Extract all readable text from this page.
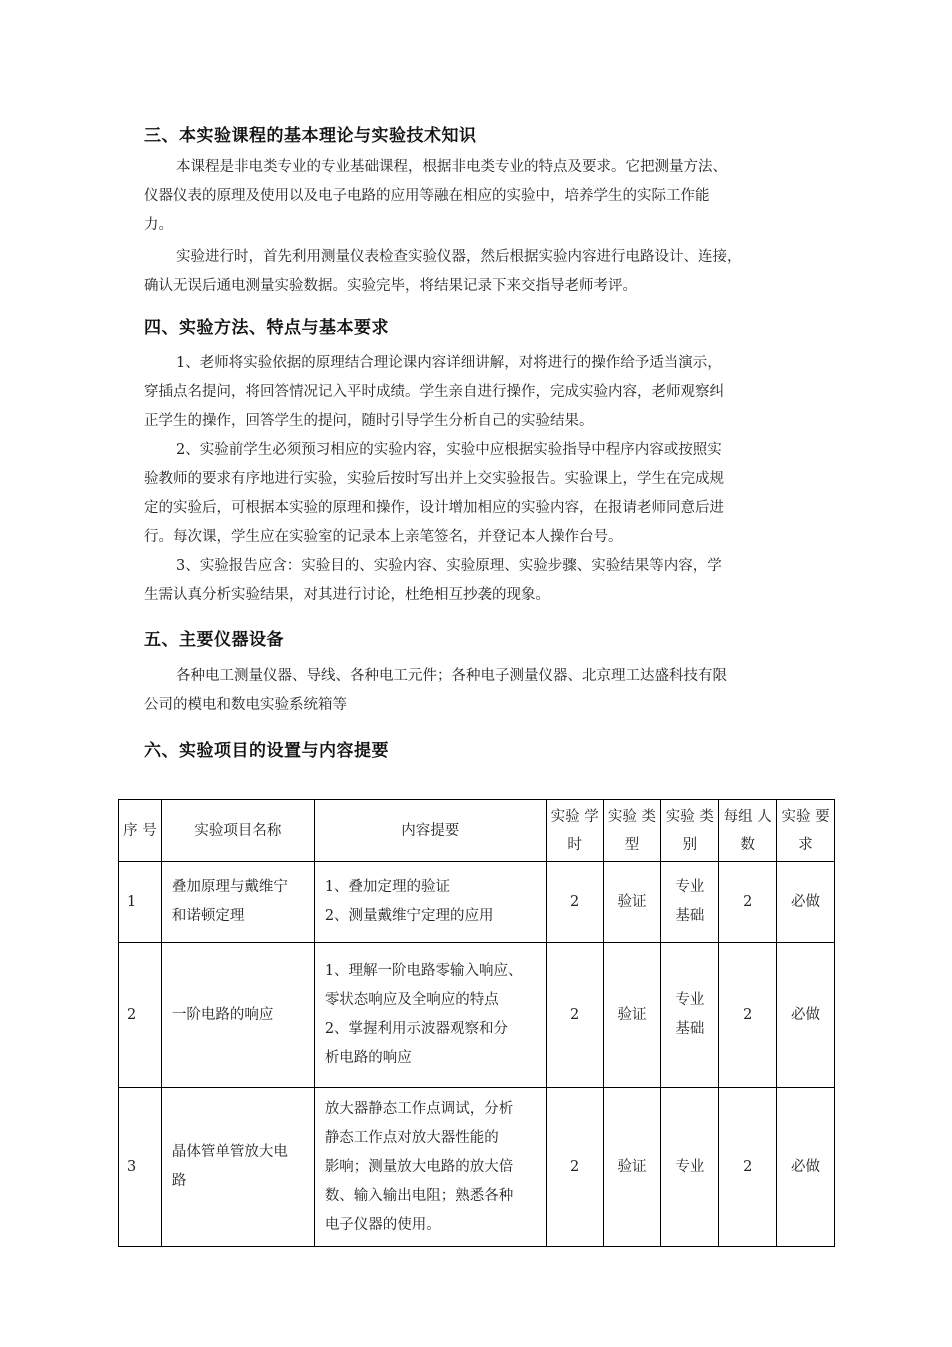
三、本实验课程的基本理论与实验技术知识
本课程是非电类专业的专业基础课程，根据非电类专业的特点及要求。它把测量方法、
仪器仪表的原理及使用以及电子电路的应用等融在相应的实验中，培养学生的实际工作能
力。
实验进行时，首先利用测量仪表检查实验仪器，然后根据实验内容进行电路设计、连接，
确认无误后通电测量实验数据。实验完毕，将结果记录下来交指导老师考评。
四、实验方法、特点与基本要求
1、老师将实验依据的原理结合理论课内容详细讲解，对将进行的操作给予适当演示，
穿插点名提问，将回答情况记入平时成绩。学生亲自进行操作，完成实验内容，老师观察纠
正学生的操作，回答学生的提问，随时引导学生分析自己的实验结果。
2、实验前学生必须预习相应的实验内容，实验中应根据实验指导中程序内容或按照实
验教师的要求有序地进行实验，实验后按时写出并上交实验报告。实验课上，学生在完成规
定的实验后，可根据本实验的原理和操作，设计增加相应的实验内容，在报请老师同意后进
行。每次课，学生应在实验室的记录本上亲笔签名，并登记本人操作台号。
3、实验报告应含：实验目的、实验内容、实验原理、实验步骤、实验结果等内容，学
生需认真分析实验结果，对其进行讨论，杜绝相互抄袭的现象。
五、主要仪器设备
各种电工测量仪器、导线、各种电工元件；各种电子测量仪器、北京理工达盛科技有限
公司的模电和数电实验系统箱等
六、实验项目的设置与内容提要
序 号	实验项目名称	内容提要	实验 学时	实验 类型	实验 类别	每组 人数	实验 要求
1	叠加原理与戴维宁
和诺顿定理	1、叠加定理的验证
2、测量戴维宁定理的应用	2	验证	专业
基础	2	必做
2	一阶电路的响应	1、理解一阶电路零输入响应、
零状态响应及全响应的特点
2、掌握利用示波器观察和分
析电路的响应	2	验证	专业
基础	2	必做
3	晶体管单管放大电
路	放大器静态工作点调试，分析
静态工作点对放大器性能的
影响；测量放大电路的放大倍
数、输入输出电阻；熟悉各种
电子仪器的使用。	2	验证	专业	2	必做
